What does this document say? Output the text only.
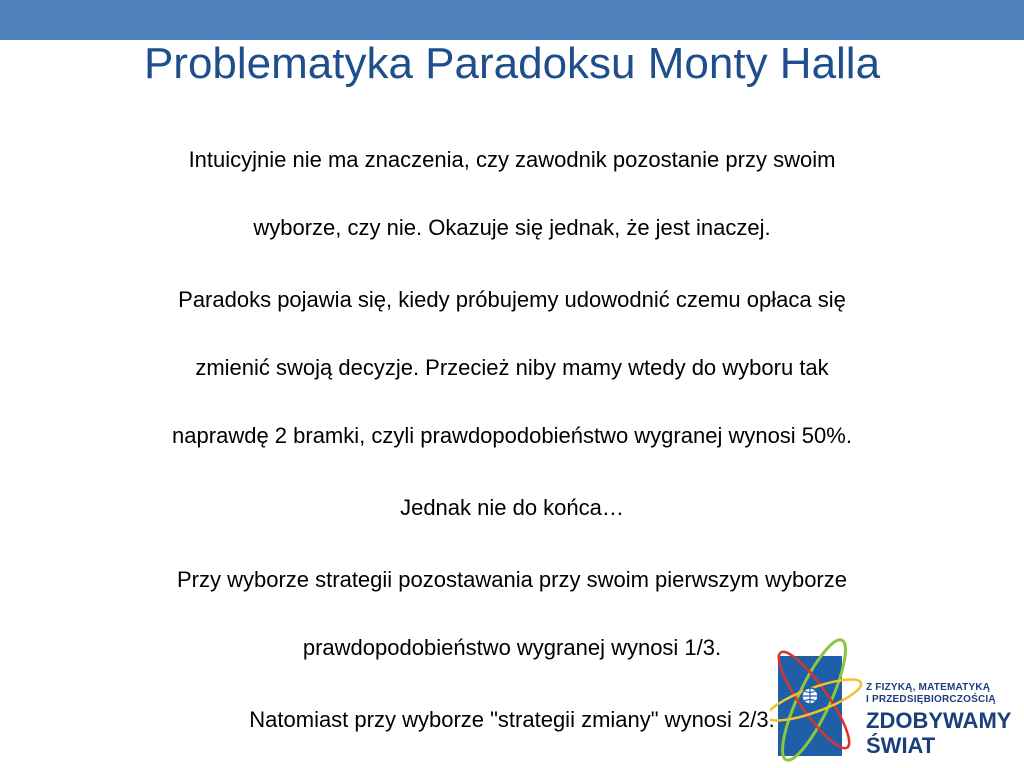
Problematyka Paradoksu Monty Halla

Intuicyjnie nie ma znaczenia, czy zawodnik pozostanie przy swoim

wyborze, czy nie. Okazuje się jednak, że jest inaczej.

Paradoks pojawia się, kiedy próbujemy udowodnić czemu opłaca się

zmienić swoją decyzje. Przecież niby mamy wtedy do wyboru tak

naprawdę 2 bramki, czyli prawdopodobieństwo wygranej wynosi 50%.

Jednak nie do końca…

Przy wyborze strategii pozostawania przy swoim pierwszym wyborze

prawdopodobieństwo wygranej wynosi 1/3.

Natomiast przy wyborze "strategii zmiany" wynosi 2/3.

Z FIZYKĄ, MATEMATYKĄ
I PRZEDSIĘBIORCZOŚCIĄ
ZDOBYWAMY
ŚWIAT
